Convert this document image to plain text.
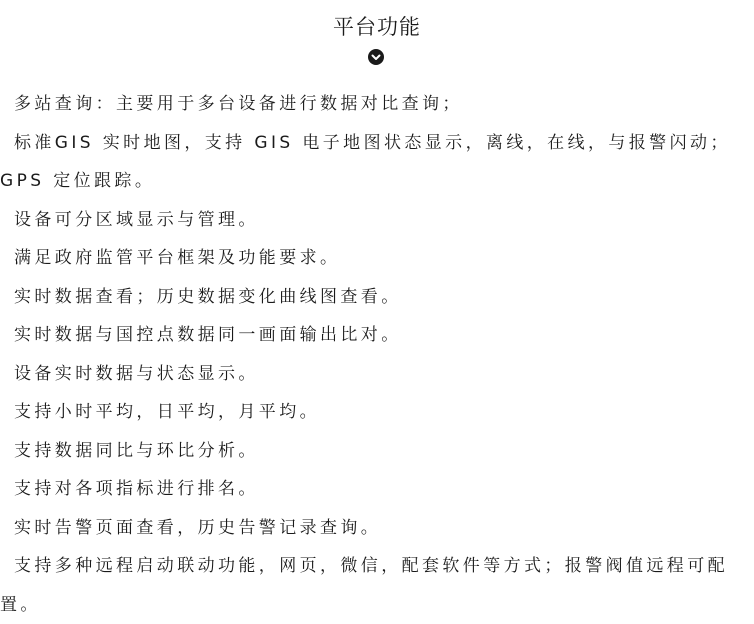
平台功能

多站查询：主要用于多台设备进行数据对比查询；

标准GIS 实时地图，支持 GIS 电子地图状态显示，离线，在线，与报警闪动；GPS 定位跟踪。

设备可分区域显示与管理。

满足政府监管平台框架及功能要求。

实时数据查看；历史数据变化曲线图查看。

实时数据与国控点数据同一画面输出比对。

设备实时数据与状态显示。

支持小时平均，日平均，月平均。

支持数据同比与环比分析。

支持对各项指标进行排名。

实时告警页面查看，历史告警记录查询。

支持多种远程启动联动功能，网页，微信，配套软件等方式；报警阀值远程可配置。
